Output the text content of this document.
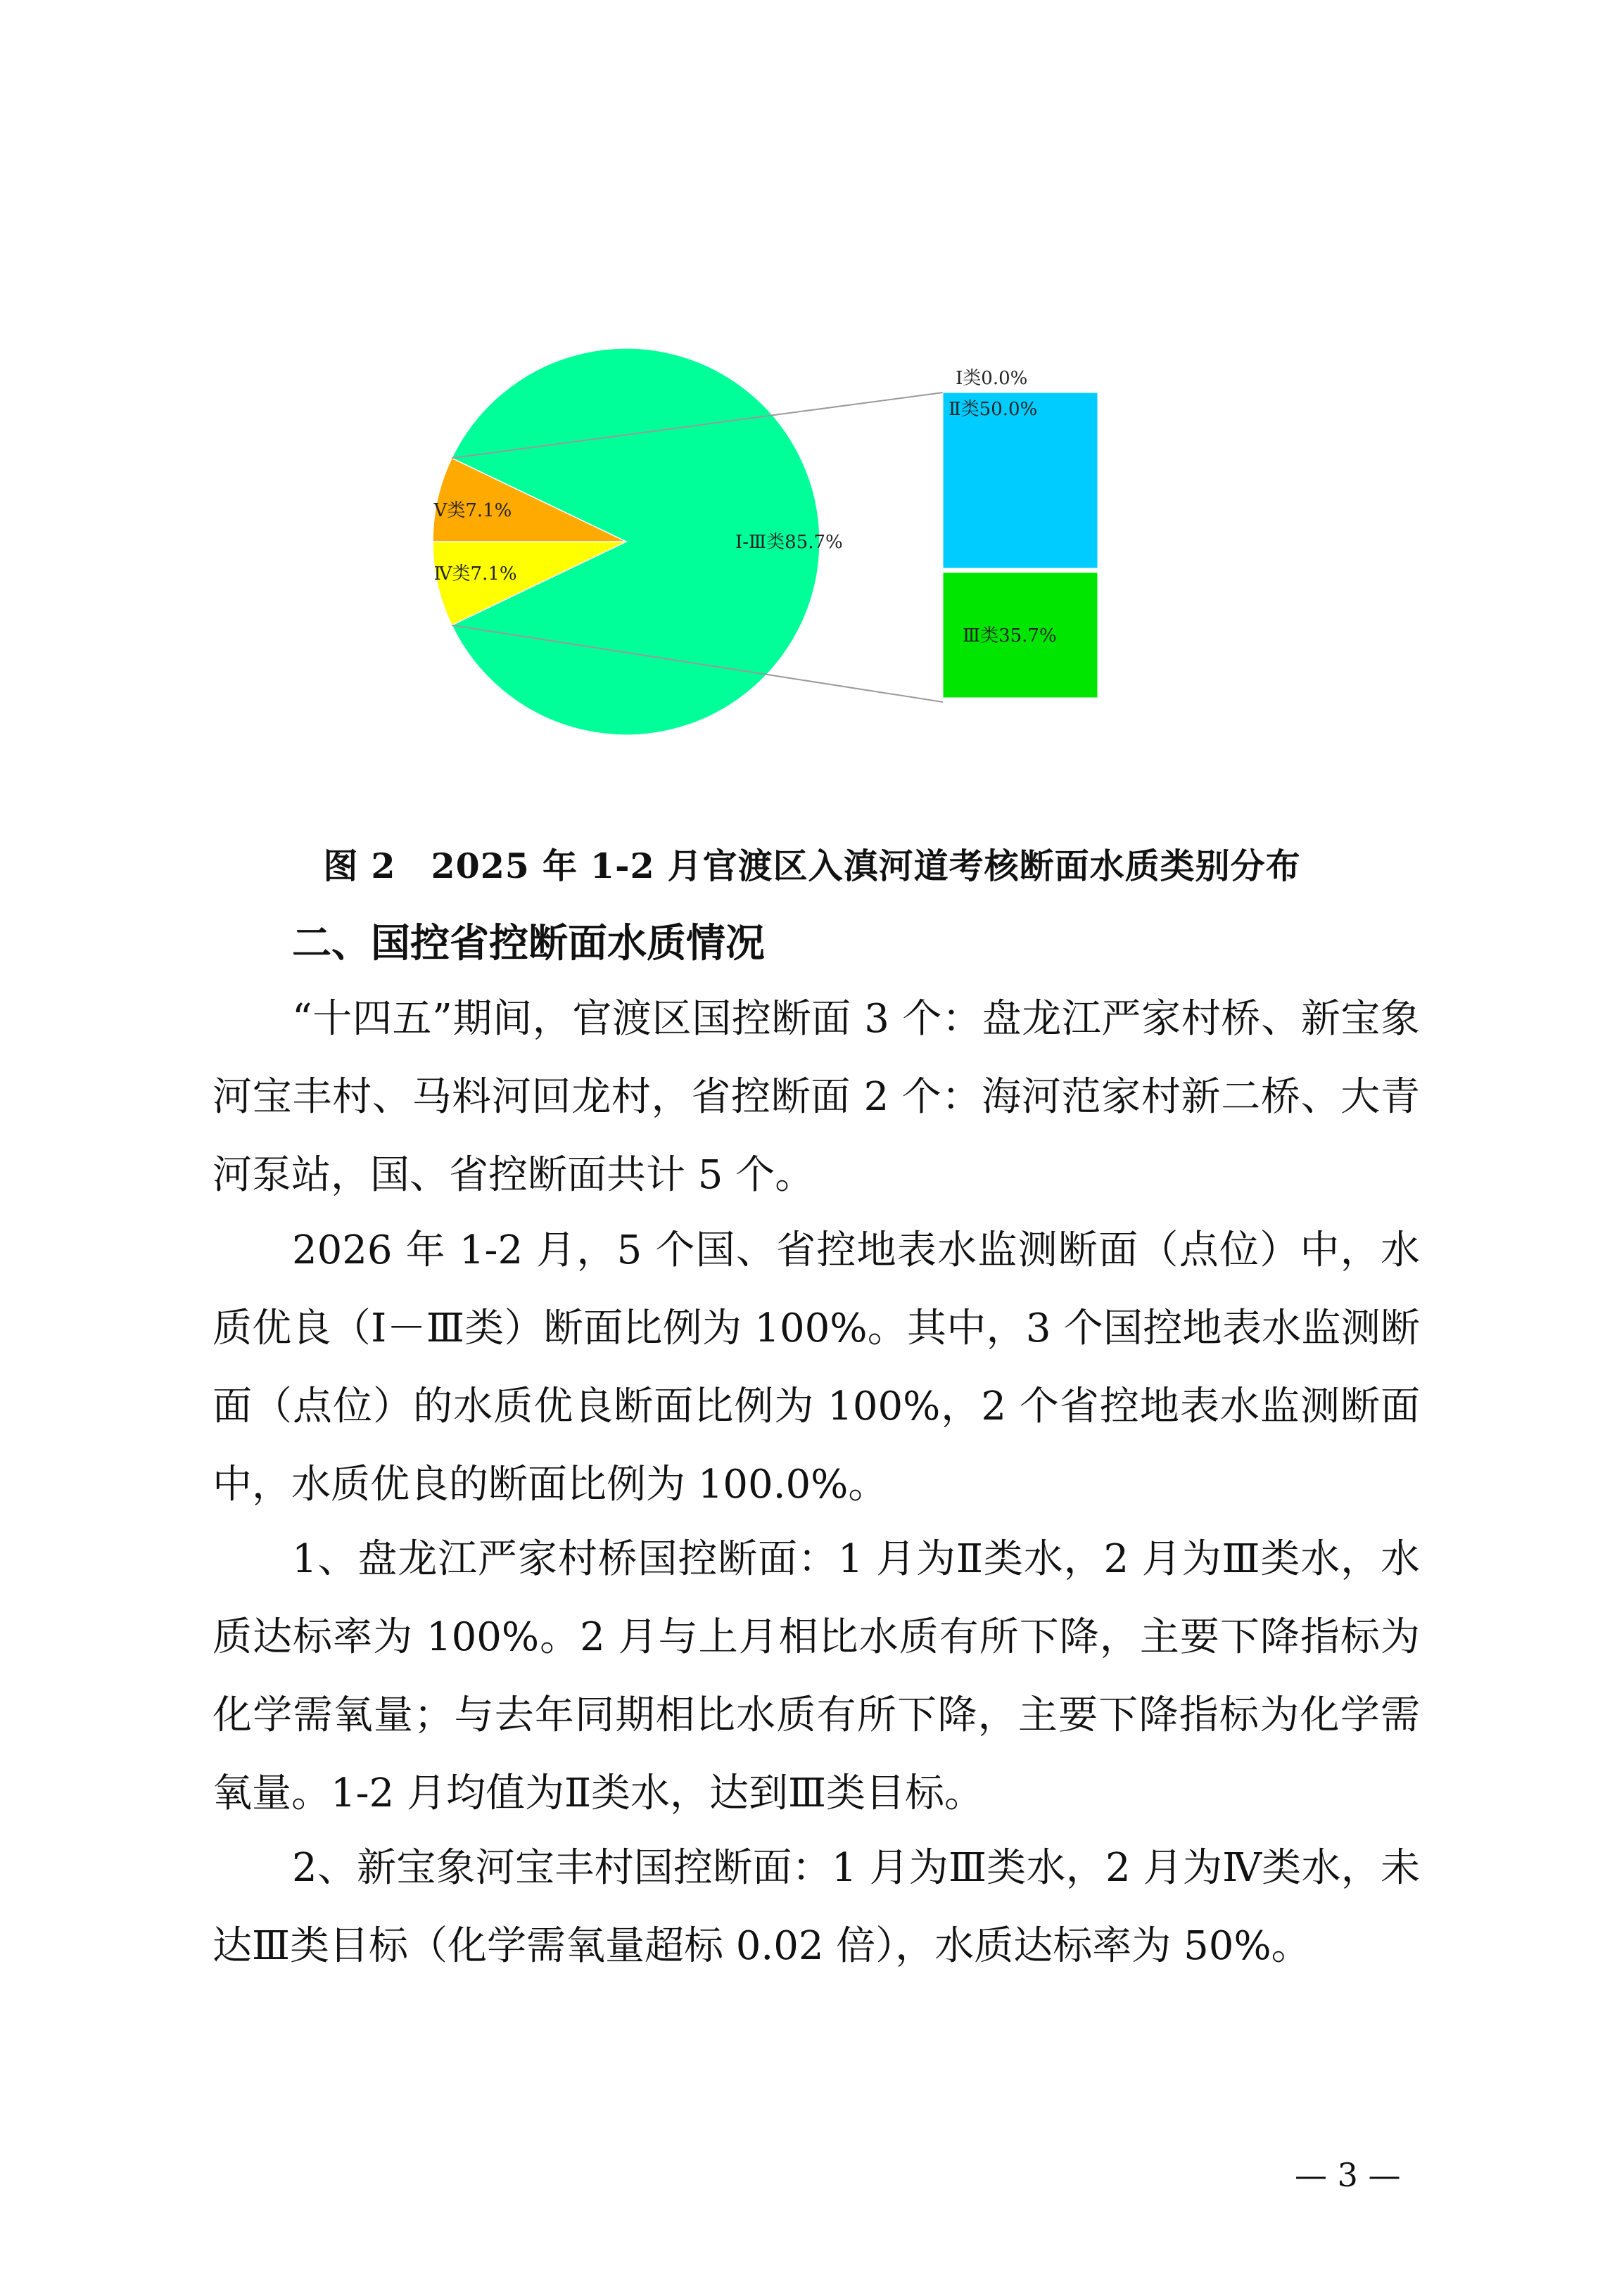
Ⅰ-Ⅲ类85.7%
Ⅳ类7.1%
Ⅴ类7.1%
Ⅰ类0.0%
Ⅱ类50.0%
Ⅲ类35.7%
图 2　2025 年 1-2 月官渡区入滇河道考核断面水质类别分布
二、国控省控断面水质情况

“十四五”期间，官渡区国控断面 3 个：盘龙江严家村桥、新宝象河宝丰村、马料河回龙村，省控断面 2 个：海河范家村新二桥、大青河泵站，国、省控断面共计 5 个。

2026 年 1-2 月，5 个国、省控地表水监测断面（点位）中，水质优良（Ⅰ－Ⅲ类）断面比例为 100%。其中，3 个国控地表水监测断面（点位）的水质优良断面比例为 100%，2 个省控地表水监测断面中，水质优良的断面比例为 100.0%。

1、盘龙江严家村桥国控断面：1 月为Ⅱ类水，2 月为Ⅲ类水，水质达标率为 100%。2 月与上月相比水质有所下降，主要下降指标为化学需氧量；与去年同期相比水质有所下降，主要下降指标为化学需氧量。1-2 月均值为Ⅱ类水，达到Ⅲ类目标。

2、新宝象河宝丰村国控断面：1 月为Ⅲ类水，2 月为Ⅳ类水，未达Ⅲ类目标（化学需氧量超标 0.02 倍），水质达标率为 50%。

— 3 —
